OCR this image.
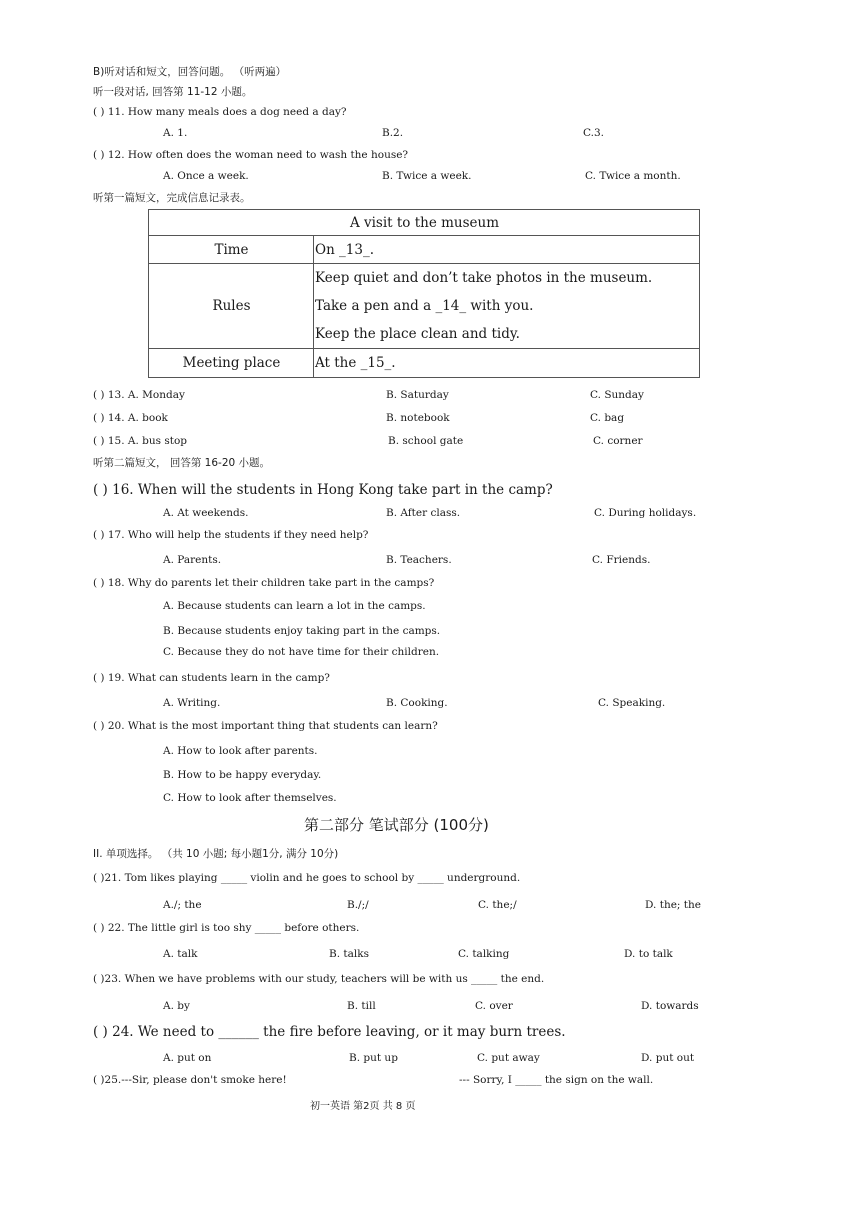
B)听对话和短文，回答问题。 （听两遍）
听一段对话, 回答第 11-12 小题。
( ) 11. How many meals does a dog need a day?
A. 1.	B.2.	C.3.
( ) 12. How often does the woman need to wash the house?
A. Once a week.	B. Twice a week.	C. Twice a month.
听第一篇短文，完成信息记录表。
A visit to the museum	
Time	On _13_.
Rules	Keep quiet and don’t take photos in the museum.
Take a pen and a _14_ with you.
Keep the place clean and tidy.

Meeting place	At the _15_.
( ) 13. A. Monday	B. Saturday	C. Sunday
( ) 14. A. book	B. notebook	C. bag
( ) 15. A. bus stop	B. school gate	C. corner
听第二篇短文， 回答第 16-20 小题。
( ) 16. When will the students in Hong Kong take part in the camp?
A. At weekends.	B. After class.	C. During holidays.
( ) 17. Who will help the students if they need help?
A. Parents.	B. Teachers.	C. Friends.
( ) 18. Why do parents let their children take part in the camps?
A. Because students can learn a lot in the camps.
B. Because students enjoy taking part in the camps.
C. Because they do not have time for their children.
( ) 19. What can students learn in the camp?
A. Writing.	B. Cooking.	C. Speaking.
( ) 20. What is the most important thing that students can learn?
A. How to look after parents.
B. How to be happy everyday.
C. How to look after themselves.
第二部分 笔试部分 (100分)
II. 单项选择。 （共 10 小题; 每小题1分, 满分 10分)
( )21. Tom likes playing _____ violin and he goes to school by _____ underground.
A./; the	B./;/	C. the;/	D. the; the
( ) 22. The little girl is too shy _____ before others.
A. talk	B. talks	C. talking	D. to talk
( )23. When we have problems with our study, teachers will be with us _____ the end.
A. by	B. till	C. over	D. towards
( ) 24. We need to ______ the fire before leaving, or it may burn trees.
A. put on	B. put up	C. put away	D. put out
( )25.---Sir, please don't smoke here!	--- Sorry, I _____ the sign on the wall.
初一英语 第2页 共 8 页
